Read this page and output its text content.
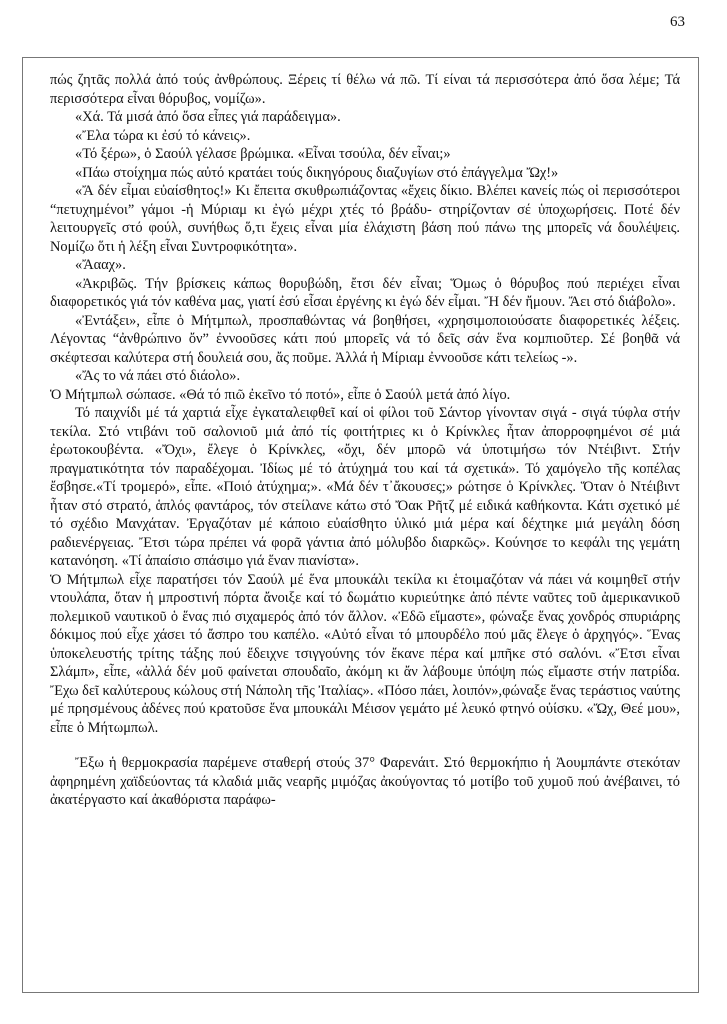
63

πώς ζητᾶς πολλά ἀπό τούς ἀνθρώπους. Ξέρεις τί θέλω νά πῶ. Τί είναι τά περισσότερα ἀπό ὅσα λέμε; Τά περισσότερα εἶναι θόρυβος, νομίζω».

«Χά. Τά μισά ἀπό ὅσα εἶπες γιά παράδειγμα».

«Ἔλα τώρα κι ἐσύ τό κάνεις».

«Τό ξέρω», ὁ Σαούλ γέλασε βρώμικα. «Εἶναι τσούλα, δέν εἶναι;»

«Πάω στοίχημα πώς αὐτό κρατάει τούς δικηγόρους διαζυγίων στό ἐπάγγελμα Ὤχ!»

«Ἄ δέν εἶμαι εὐαίσθητος!» Κι ἔπειτα σκυθρωπιάζοντας «ἔχεις δίκιο. Βλέπει κανείς πώς οἱ περισσότεροι “πετυχημένοι” γάμοι -ἡ Μύριαμ κι ἐγώ μέχρι χτές τό βράδυ- στηρίζονταν σέ ὑποχωρήσεις. Ποτέ δέν λειτουργεῖς στό φούλ, συνήθως ὅ,τι ἔχεις εἶναι μία ἐλάχιστη βάση πού πάνω της μπορεῖς νά δουλέψεις. Νομίζω ὅτι ἡ λέξη εἶναι Συντροφικότητα».

«Ἄααχ».

«Ἀκριβῶς. Τήν βρίσκεις κάπως θορυβώδη, ἔτσι δέν εἶναι; Ὅμως ὁ θόρυβος πού περιέχει εἶναι διαφορετικός γιά τόν καθένα μας, γιατί ἐσύ εἶσαι ἐργένης κι ἐγώ δέν εἶμαι. Ἤ δέν ἤμουν. Ἄει στό διάβολο».

«Ἐντάξει», εἶπε ὁ Μήτμπωλ, προσπαθώντας νά βοηθήσει, «χρησιμοποιούσατε διαφορετικές λέξεις. Λέγοντας “ἀνθρώπινο ὄν” ἐννοοῦσες κάτι πού μπορεῖς νά τό δεῖς σάν ἕνα κομπιοῦτερ. Σέ βοηθᾶ νά σκέφτεσαι καλύτερα στή δουλειά σου, ἄς ποῦμε. Ἀλλά ἡ Μίριαμ ἐννοοῦσε κάτι τελείως -».

«Ἄς το νά πάει στό διάολο».

Ὁ Μήτμπωλ σώπασε. «Θά τό πιῶ ἐκεῖνο τό ποτό», εἶπε ὁ Σαούλ μετά ἀπό λίγο.

Τό παιχνίδι μέ τά χαρτιά εἶχε ἐγκαταλειφθεῖ καί οἱ φίλοι τοῦ Σάντορ γίνονταν σιγά - σιγά τύφλα στήν τεκίλα. Στό ντιβάνι τοῦ σαλονιοῦ μιά ἀπό τίς φοιτήτριες κι ὁ Κρίνκλες ἦταν ἀπορροφημένοι σέ μιά ἐρωτοκουβέντα. «Ὄχι», ἔλεγε ὁ Κρίνκλες, «ὄχι, δέν μπορῶ νά ὑποτιμήσω τόν Ντέιβιντ. Στήν πραγματικότητα τόν παραδέχομαι. Ἰδίως μέ τό ἀτύχημά του καί τά σχετικά». Τό χαμόγελο τῆς κοπέλας ἔσβησε.«Τί τρομερό», εἶπε. «Ποιό ἀτύχημα;». «Μά δέν τ᾽ἄκουσες;» ρώτησε ὁ Κρίνκλες. Ὅταν ὁ Ντέιβιντ ἦταν στό στρατό, ἁπλός φαντάρος, τόν στείλανε κάτω στό Ὄακ Ρῆτζ μέ ειδικά καθήκοντα. Κάτι σχετικό μέ τό σχέδιο Μανχάταν. Ἐργαζόταν μέ κάποιο εὐαίσθητο ὑλικό μιά μέρα καί δέχτηκε μιά μεγάλη δόση ραδιενέργειας. Ἔτσι τώρα πρέπει νά φορᾶ γάντια ἀπό μόλυβδο διαρκῶς». Κούνησε το κεφάλι της γεμάτη κατανόηση. «Τί ἀπαίσιο σπάσιμο γιά ἕναν πιανίστα».

Ὁ Μήτμπωλ εἶχε παρατήσει τόν Σαούλ μέ ἕνα μπουκάλι τεκίλα κι ἑτοιμαζόταν νά πάει νά κοιμηθεῖ στήν ντουλάπα, ὅταν ἡ μπροστινή πόρτα ἄνοιξε καί τό δωμάτιο κυριεύτηκε ἀπό πέντε ναῦτες τοῦ ἀμερικανικοῦ πολεμικοῦ ναυτικοῦ ὁ ἕνας πιό σιχαμερός ἀπό τόν ἄλλον. «Ἐδῶ εἴμαστε», φώναξε ἕνας χονδρός σπυριάρης δόκιμος πού εἶχε χάσει τό ἄσπρο του καπέλο. «Αὐτό εἶναι τό μπουρδέλο πού μᾶς ἔλεγε ὁ ἀρχηγός». Ἕνας ὑποκελευστής τρίτης τάξης πού ἔδειχνε τσιγγούνης τόν ἔκανε πέρα καί μπῆκε στό σαλόνι. «Ἔτσι εἶναι Σλάμπ», εἶπε, «ἀλλά δέν μοῦ φαίνεται σπουδαῖο, ἀκόμη κι ἄν λάβουμε ὑπόψη πώς εἴμαστε στήν πατρίδα. Ἔχω δεῖ καλύτερους κώλους στή Νάπολη τῆς Ἰταλίας». «Πόσο πάει, λοιπόν»,φώναξε ἕνας τεράστιος ναύτης μέ πρησμένους ἀδένες πού κρατοῦσε ἕνα μπουκάλι Μέισον γεμάτο μέ λευκό φτηνό οὐίσκυ. «Ὤχ, Θεέ μου», εἶπε ὁ Μήτωμπωλ.

Ἔξω ἡ θερμοκρασία παρέμενε σταθερή στούς 37° Φαρενάιτ. Στό θερμοκήπιο ἡ Ἀουμπάντε στεκόταν ἀφηρημένη χαϊδεύοντας τά κλαδιά μιᾶς νεαρῆς μιμόζας ἀκούγοντας τό μοτίβο τοῦ χυμοῦ πού ἀνέβαινει, τό ἀκατέργαστο καί ἀκαθόριστα παράφω-
